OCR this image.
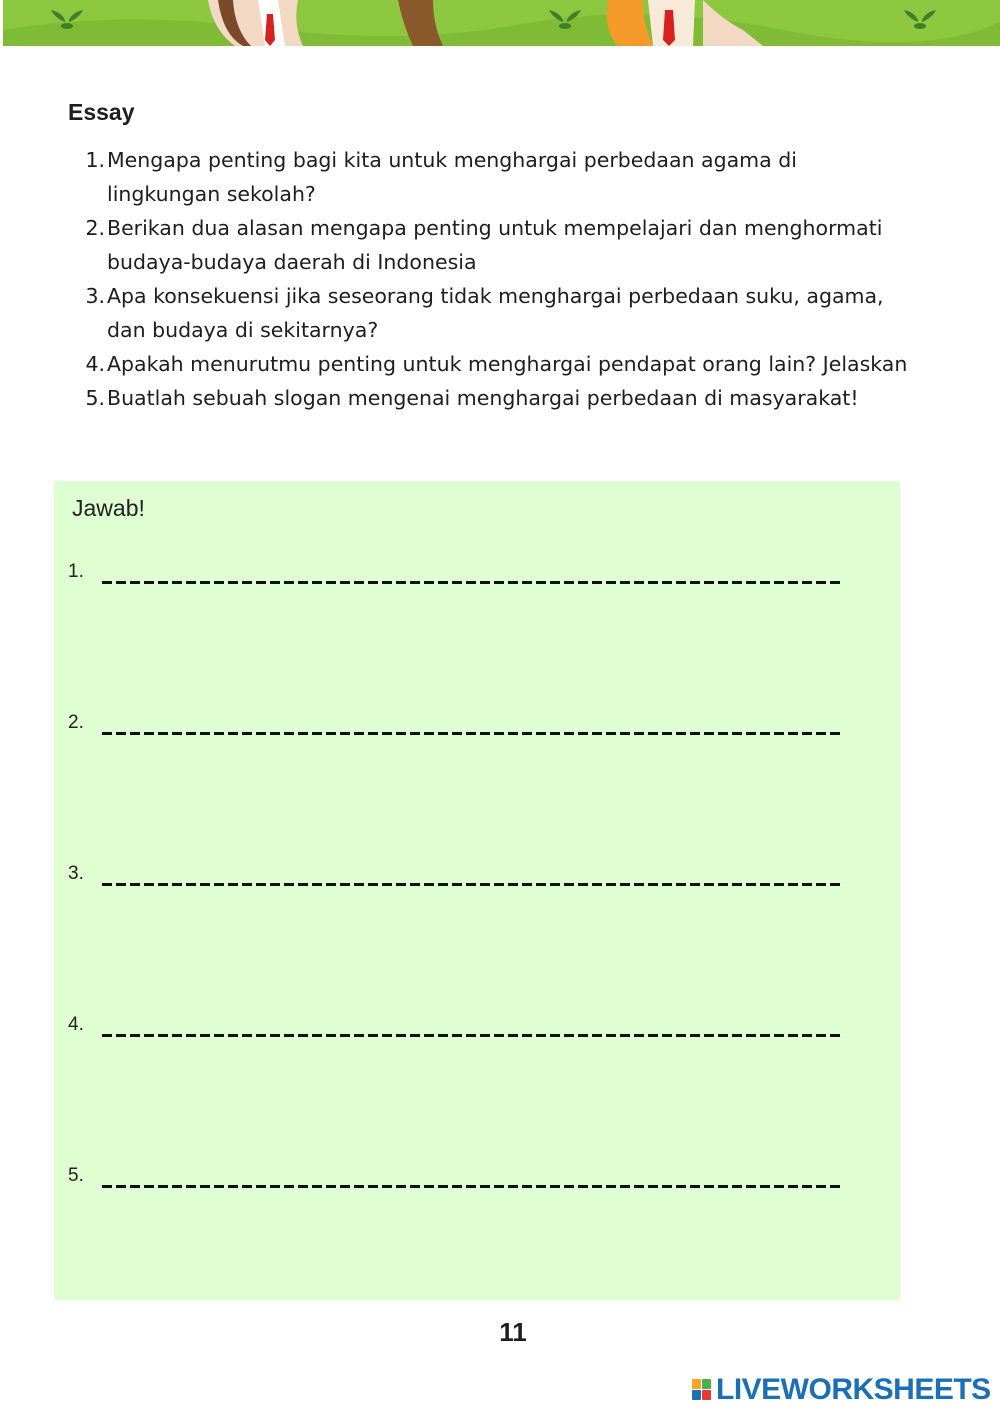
Essay
1. Mengapa penting bagi kita untuk menghargai perbedaan agama di lingkungan sekolah?
2. Berikan dua alasan mengapa penting untuk mempelajari dan menghormati budaya-budaya daerah di Indonesia
3. Apa konsekuensi jika seseorang tidak menghargai perbedaan suku, agama, dan budaya di sekitarnya?
4. Apakah menurutmu penting untuk menghargai pendapat orang lain? Jelaskan
5. Buatlah sebuah slogan mengenai menghargai perbedaan di masyarakat!
Jawab!
1.
2.
3.
4.
5.
11
LIVEWORKSHEETS
